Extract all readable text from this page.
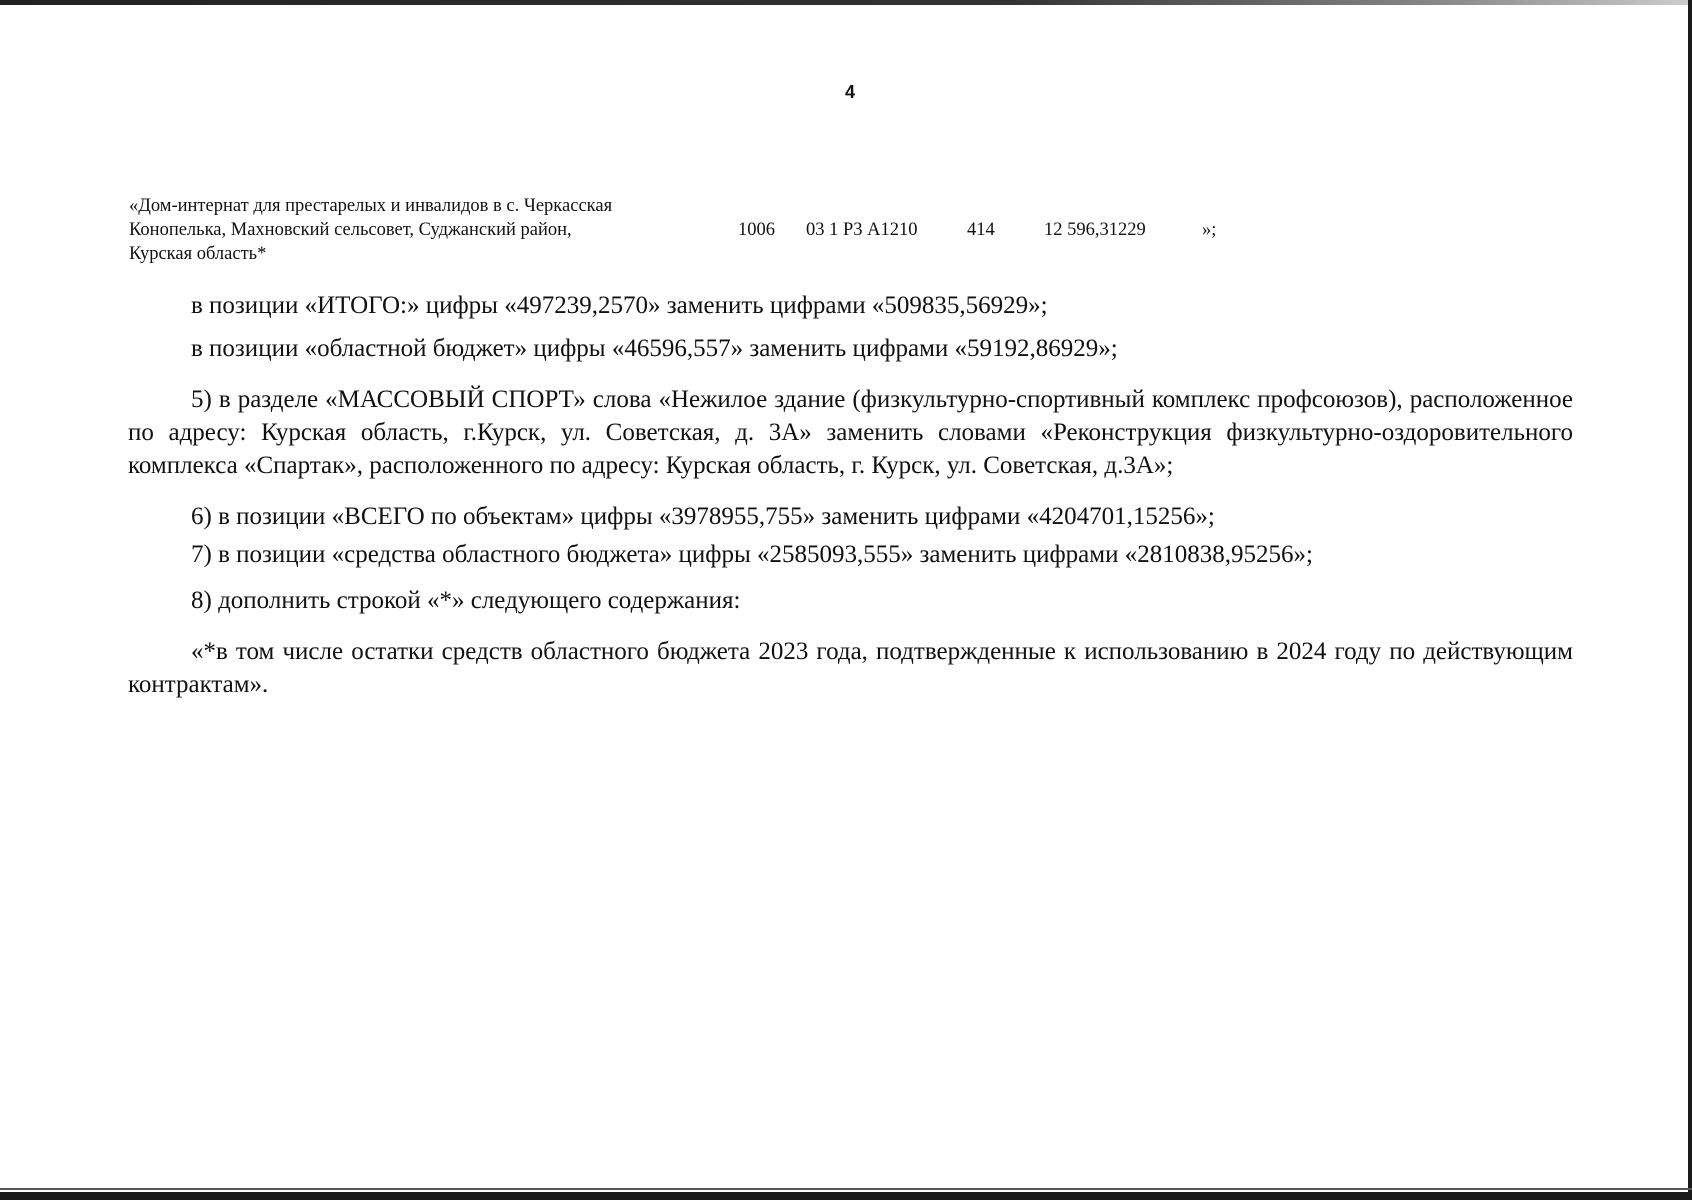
4
«Дом-интернат для престарелых и инвалидов в с. Черкасская
Конопелька, Махновский сельсовет, Суджанский район,
Курская область*
1006 03 1 Р3 А1210	414	12 596,31229	»;

в позиции «ИТОГО:» цифры «497239,2570» заменить цифрами «509835,56929»;

в позиции «областной бюджет» цифры «46596,557» заменить цифрами «59192,86929»;

5) в разделе «МАССОВЫЙ СПОРТ» слова «Нежилое здание (физкультурно-спортивный комплекс профсоюзов), расположенное по адресу: Курская область, г.Курск, ул. Советская, д. 3А» заменить словами «Реконструкция физкультурно-оздоровительного комплекса «Спартак», расположенного по адресу: Курская область, г. Курск, ул. Советская, д.3А»;

6) в позиции «ВСЕГО по объектам» цифры «3978955,755» заменить цифрами «4204701,15256»;

7) в позиции «средства областного бюджета» цифры «2585093,555» заменить цифрами «2810838,95256»;

8) дополнить строкой «*» следующего содержания:

«*в том числе остатки средств областного бюджета 2023 года, подтвержденные к использованию в 2024 году по действующим контрактам».
